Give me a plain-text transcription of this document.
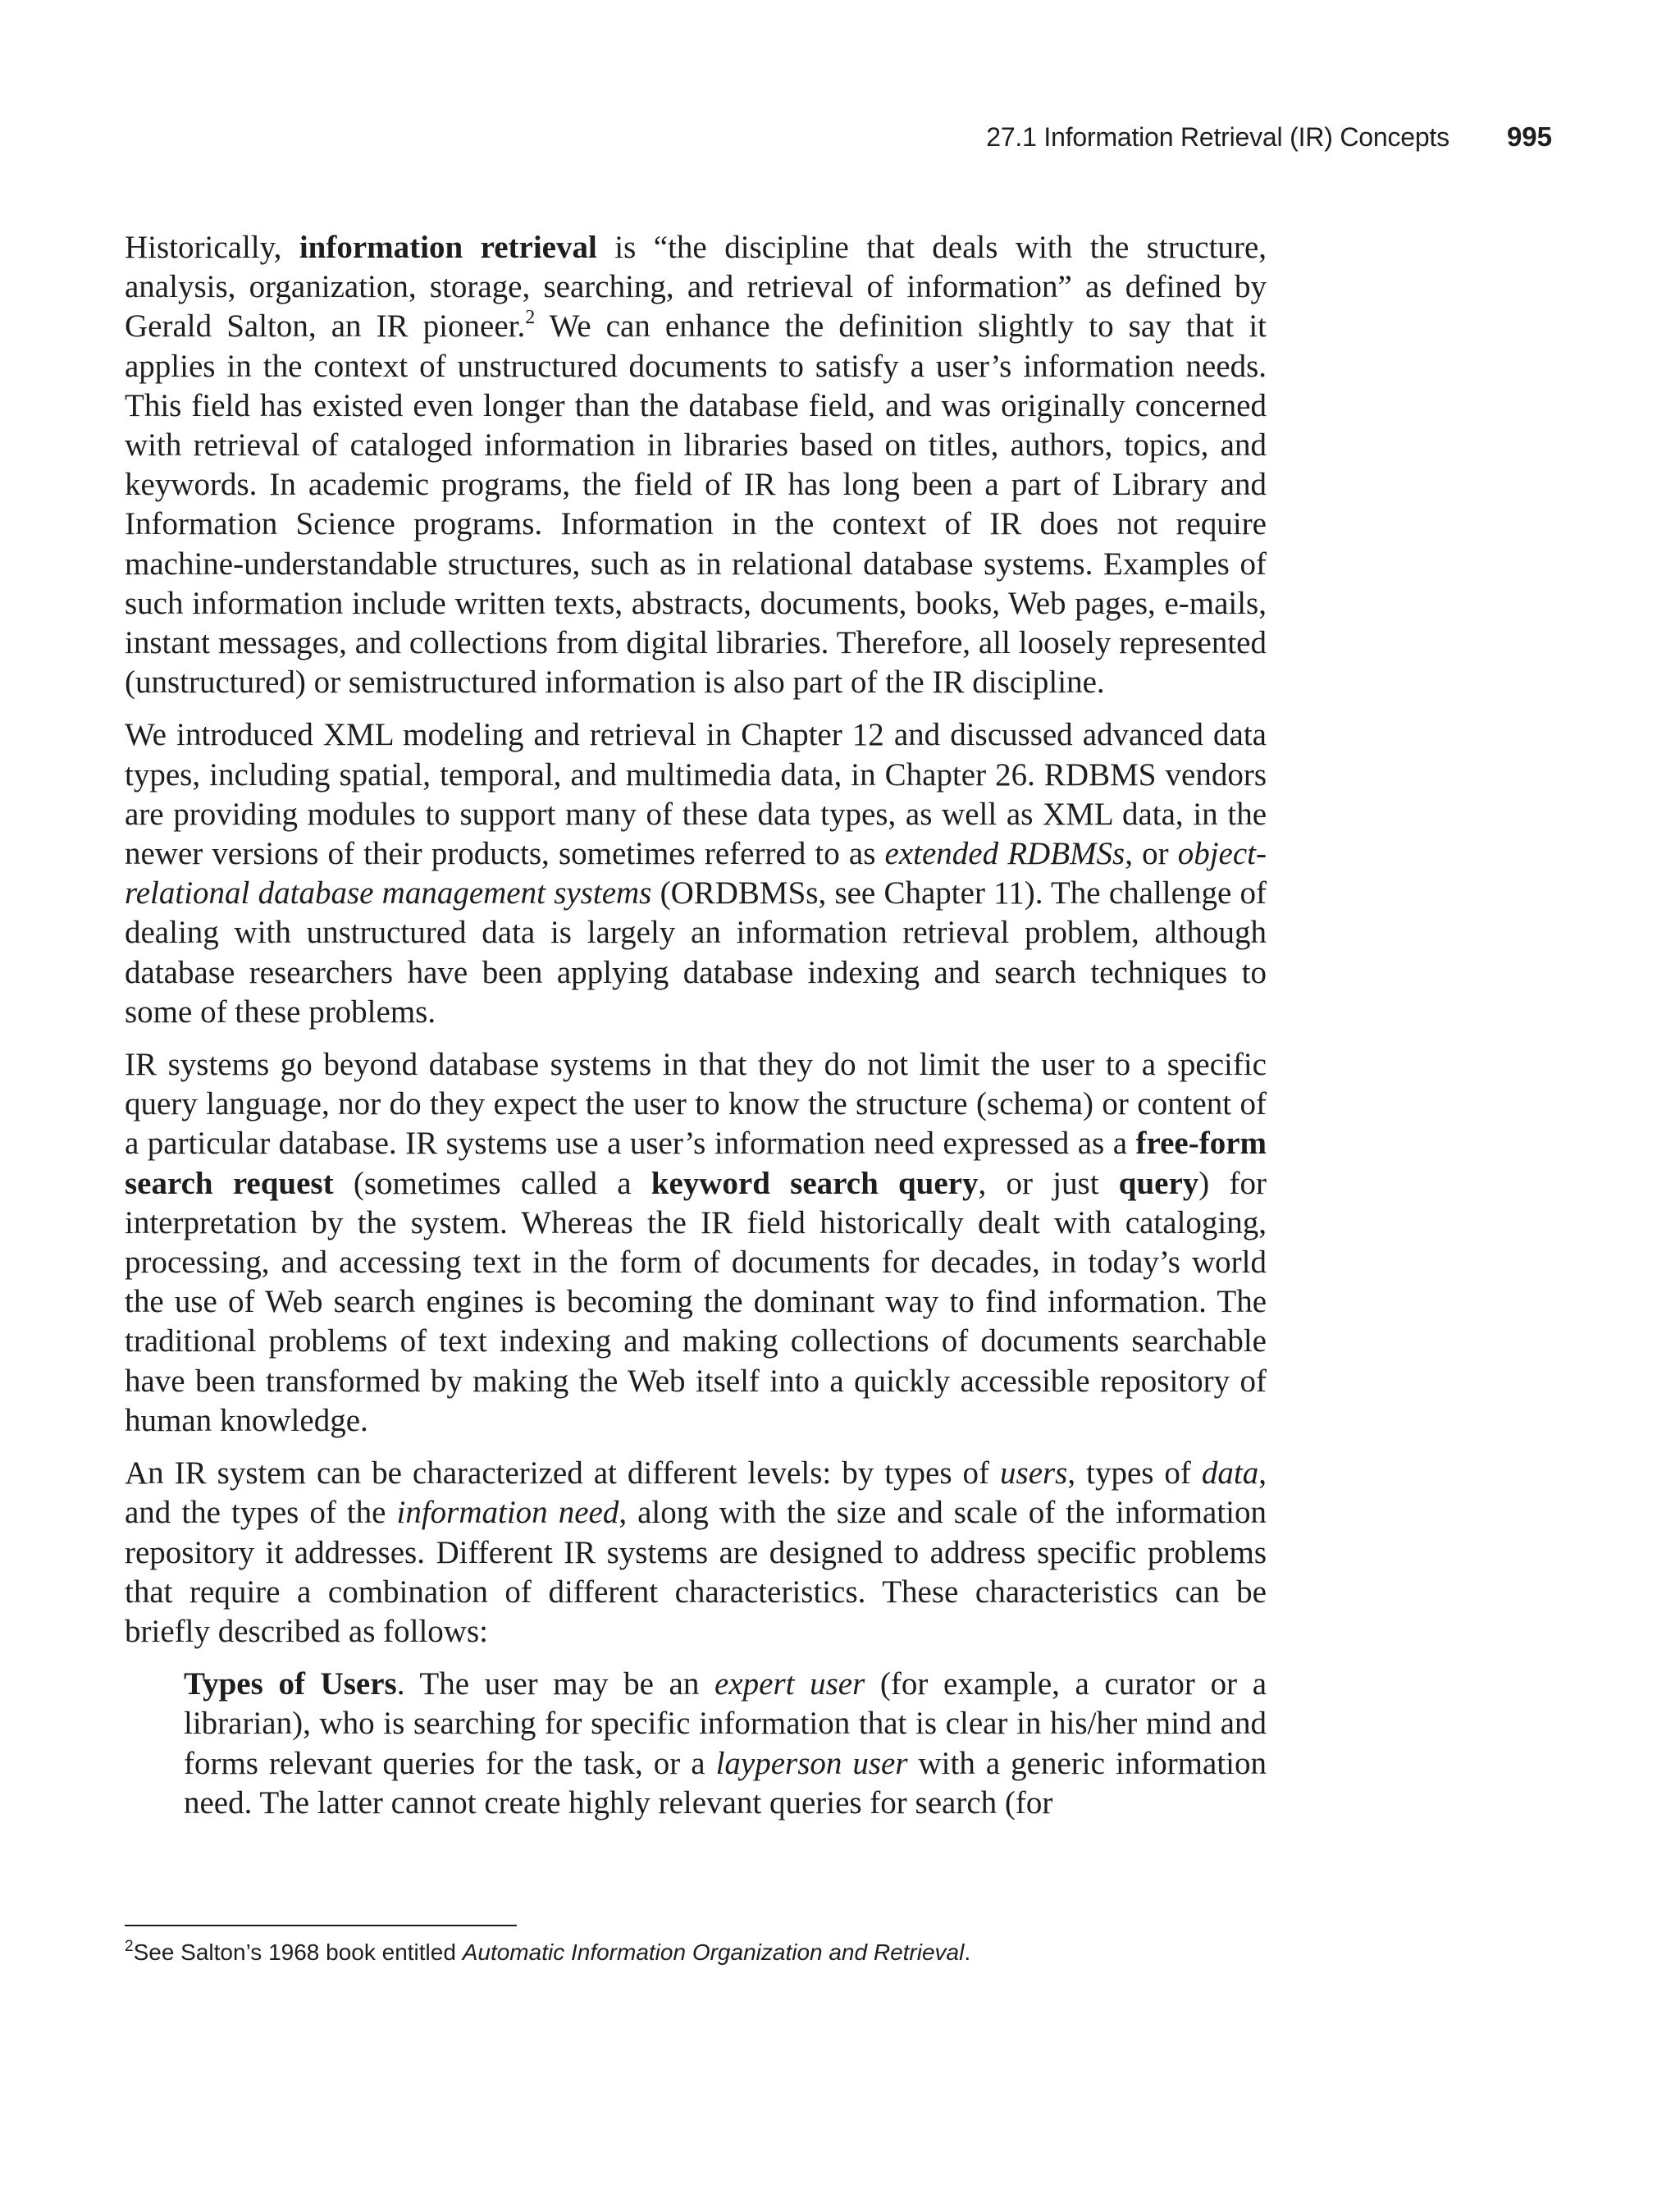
27.1 Information Retrieval (IR) Concepts 995

Historically, information retrieval is “the discipline that deals with the structure, analysis, organization, storage, searching, and retrieval of information” as defined by Gerald Salton, an IR pioneer.$^2$ We can enhance the definition slightly to say that it applies in the context of unstructured documents to satisfy a user’s information needs. This field has existed even longer than the database field, and was originally concerned with retrieval of cataloged information in libraries based on titles, authors, topics, and keywords. In academic programs, the field of IR has long been a part of Library and Information Science programs. Information in the context of IR does not require machine-understandable structures, such as in relational database systems. Examples of such information include written texts, abstracts, documents, books, Web pages, e-mails, instant messages, and collections from digital libraries. Therefore, all loosely represented (unstructured) or semistructured information is also part of the IR discipline.

We introduced XML modeling and retrieval in Chapter 12 and discussed advanced data types, including spatial, temporal, and multimedia data, in Chapter 26. RDBMS vendors are providing modules to support many of these data types, as well as XML data, in the newer versions of their products, sometimes referred to as extended RDBMSs, or object-relational database management systems (ORDBMSs, see Chapter 11). The challenge of dealing with unstructured data is largely an information retrieval problem, although database researchers have been applying database indexing and search techniques to some of these problems.

IR systems go beyond database systems in that they do not limit the user to a specific query language, nor do they expect the user to know the structure (schema) or content of a particular database. IR systems use a user’s information need expressed as a free-form search request (sometimes called a keyword search query, or just query) for interpretation by the system. Whereas the IR field historically dealt with cataloging, processing, and accessing text in the form of documents for decades, in today’s world the use of Web search engines is becoming the dominant way to find information. The traditional problems of text indexing and making collections of documents searchable have been transformed by making the Web itself into a quickly accessible repository of human knowledge.

An IR system can be characterized at different levels: by types of users, types of data, and the types of the information need, along with the size and scale of the information repository it addresses. Different IR systems are designed to address specific problems that require a combination of different characteristics. These characteristics can be briefly described as follows:

Types of Users. The user may be an expert user (for example, a curator or a librarian), who is searching for specific information that is clear in his/her mind and forms relevant queries for the task, or a layperson user with a generic information need. The latter cannot create highly relevant queries for search (for

$^2$See Salton’s 1968 book entitled Automatic Information Organization and Retrieval.
